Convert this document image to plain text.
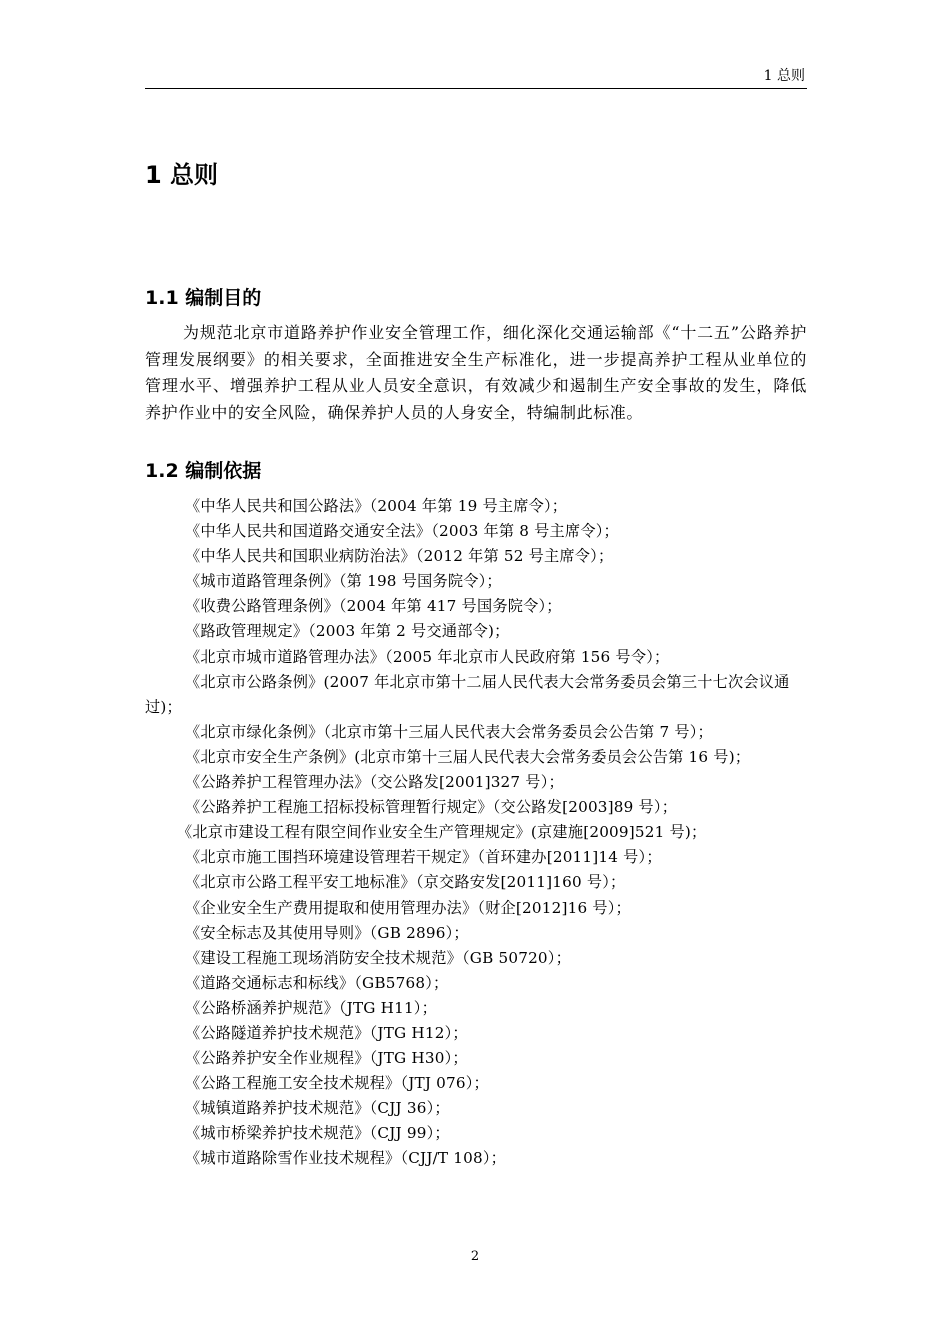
1 总则
1 总则
1.1 编制目的

为规范北京市道路养护作业安全管理工作，细化深化交通运输部《“十二五”公路养护管理发展纲要》的相关要求，全面推进安全生产标准化，进一步提高养护工程从业单位的管理水平、增强养护工程从业人员安全意识，有效减少和遏制生产安全事故的发生，降低养护作业中的安全风险，确保养护人员的人身安全，特编制此标准。

1.2 编制依据
《中华人民共和国公路法》（2004 年第 19 号主席令）；
《中华人民共和国道路交通安全法》（2003 年第 8 号主席令）；
《中华人民共和国职业病防治法》（2012 年第 52 号主席令）；
《城市道路管理条例》（第 198 号国务院令）；
《收费公路管理条例》（2004 年第 417 号国务院令）；
《路政管理规定》（2003 年第 2 号交通部令)；
《北京市城市道路管理办法》（2005 年北京市人民政府第 156 号令）；
《北京市公路条例》(2007 年北京市第十二届人民代表大会常务委员会第三十七次会议通过)；
《北京市绿化条例》（北京市第十三届人民代表大会常务委员会公告第 7 号）；
《北京市安全生产条例》(北京市第十三届人民代表大会常务委员会公告第 16 号)；
《公路养护工程管理办法》（交公路发[2001]327 号）；
《公路养护工程施工招标投标管理暂行规定》（交公路发[2003]89 号）；
《北京市建设工程有限空间作业安全生产管理规定》(京建施[2009]521 号)；
《北京市施工围挡环境建设管理若干规定》（首环建办[2011]14 号）；
《北京市公路工程平安工地标准》（京交路安发[2011]160 号）；
《企业安全生产费用提取和使用管理办法》（财企[2012]16 号）；
《安全标志及其使用导则》（GB 2896）；
《建设工程施工现场消防安全技术规范》（GB 50720）；
《道路交通标志和标线》（GB5768）；
《公路桥涵养护规范》（JTG H11）；
《公路隧道养护技术规范》（JTG H12）；
《公路养护安全作业规程》（JTG H30）；
《公路工程施工安全技术规程》（JTJ 076）；
《城镇道路养护技术规范》（CJJ 36）；
《城市桥梁养护技术规范》（CJJ 99）；
《城市道路除雪作业技术规程》（CJJ/T 108）；
2
